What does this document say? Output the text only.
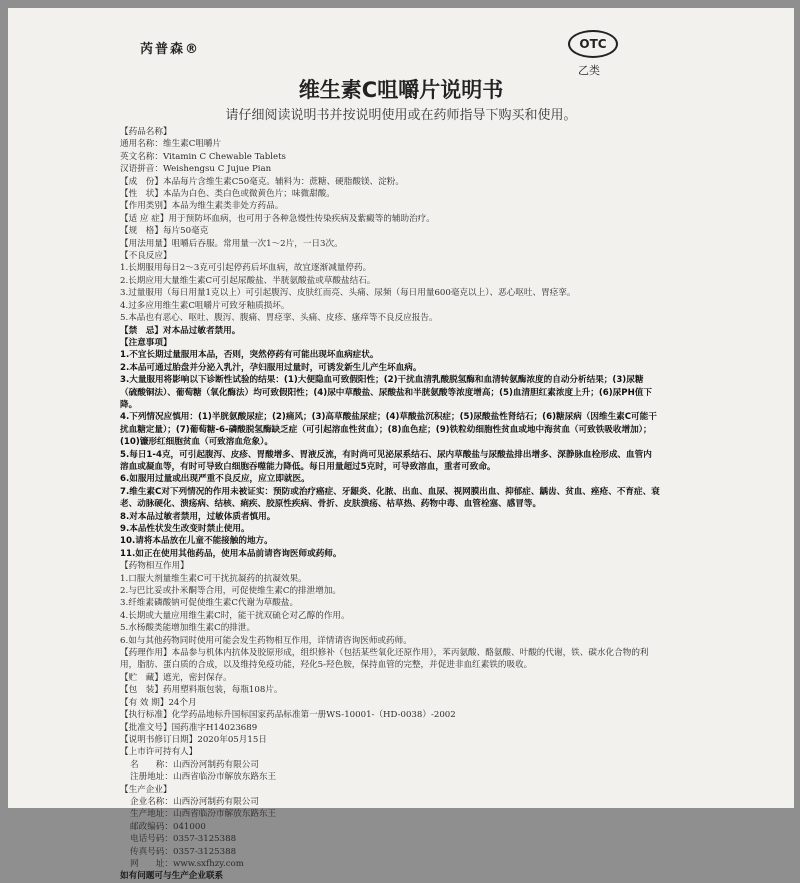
芮普森®	OTC
乙类
维生素C咀嚼片说明书
请仔细阅读说明书并按说明使用或在药师指导下购买和使用。
【药品名称】
通用名称：维生素C咀嚼片
英文名称：Vitamin C Chewable Tablets
汉语拼音：Weishengsu C Jujue Pian
【成　份】本品每片含维生素C50毫克。辅料为：蔗糖、硬脂酸镁、淀粉。
【性　状】本品为白色、类白色或微黄色片；味微甜酸。
【作用类别】本品为维生素类非处方药品。
【适 应 症】用于预防坏血病，也可用于各种急慢性传染疾病及紫癜等的辅助治疗。
【规　格】每片50毫克
【用法用量】咀嚼后吞服。常用量一次1～2片，一日3次。
【不良反应】
1.长期服用每日2～3克可引起停药后坏血病，故宜逐渐减量停药。
2.长期应用大量维生素C可引起尿酸盐、半胱氨酸盐或草酸盐结石。
3.过量服用（每日用量1克以上）可引起腹泻、皮肤红而亮、头痛、尿频（每日用量600毫克以上）、恶心呕吐、胃痉挛。
4.过多应用维生素C咀嚼片可致牙釉质损坏。
5.本品也有恶心、呕吐、腹泻、腹痛、胃痉挛、头痛、皮疹、瘙痒等不良反应报告。
【禁　忌】对本品过敏者禁用。
【注意事项】
1.不宜长期过量服用本品，否则，突然停药有可能出现坏血病症状。
2.本品可通过胎盘并分泌入乳汁，孕妇服用过量时，可诱发新生儿产生坏血病。
3.大量服用将影响以下诊断性试验的结果：(1)大便隐血可致假阳性；(2)干扰血清乳酸脱氢酶和血清转氨酶浓度的自动分析结果；(3)尿糖（硫酸铜法）、葡萄糖（氧化酶法）均可致假阳性；(4)尿中草酸盐、尿酸盐和半胱氨酸等浓度增高；(5)血清胆红素浓度上升；(6)尿PH值下降。
4.下列情况应慎用：(1)半胱氨酸尿症；(2)痛风；(3)高草酸盐尿症；(4)草酸盐沉积症；(5)尿酸盐性肾结石；(6)糖尿病（因维生素C可能干扰血糖定量）；(7)葡萄糖-6-磷酸脱氢酶缺乏症（可引起溶血性贫血）；(8)血色症；(9)铁粒幼细胞性贫血或地中海贫血（可致铁吸收增加）；(10)镰形红细胞贫血（可致溶血危象）。
5.每日1-4克，可引起腹泻、皮疹、胃酸增多、胃液反流，有时尚可见泌尿系结石、尿内草酸盐与尿酸盐排出增多、深静脉血栓形成、血管内溶血或凝血等，有时可导致白细胞吞噬能力降低。每日用量超过5克时，可导致溶血，重者可致命。
6.如服用过量或出现严重不良反应，应立即就医。
7.维生素C对下列情况的作用未被证实：预防或治疗癌症、牙龈炎、化脓、出血、血尿、视网膜出血、抑郁症、龋齿、贫血、痤疮、不育症、衰老、动脉硬化、溃疡病、结核、痢疾、胶原性疾病、骨折、皮肤溃疡、枯草热、药物中毒、血管栓塞、感冒等。
8.对本品过敏者禁用，过敏体质者慎用。
9.本品性状发生改变时禁止使用。
10.请将本品放在儿童不能接触的地方。
11.如正在使用其他药品，使用本品前请咨询医师或药师。
【药物相互作用】
1.口服大剂量维生素C可干扰抗凝药的抗凝效果。
2.与巴比妥或扑米酮等合用，可促使维生素C的排泄增加。
3.纤维素磷酸钠可促使维生素C代谢为草酸盐。
4.长期或大量应用维生素C时，能干扰双硫仑对乙醇的作用。
5.水杨酸类能增加维生素C的排泄。
6.如与其他药物同时使用可能会发生药物相互作用，详情请咨询医师或药师。
【药理作用】本品参与机体内抗体及胶原形成，组织修补（包括某些氧化还原作用），苯丙氨酸、酪氨酸、叶酸的代谢，铁、碳水化合物的利用，脂肪、蛋白质的合成，以及维持免疫功能，羟化5-羟色胺，保持血管的完整，并促进非血红素铁的吸收。
【贮　藏】遮光，密封保存。
【包　装】药用塑料瓶包装，每瓶108片。
【有 效 期】24个月
【执行标准】化学药品地标升国标国家药品标准第一册WS-10001-（HD-0038）-2002
【批准文号】国药准字H14023689
【说明书修订日期】2020年05月15日
【上市许可持有人】
名　　称：山西汾河制药有限公司
注册地址：山西省临汾市解放东路东王
【生产企业】
企业名称：山西汾河制药有限公司
生产地址：山西省临汾市解放东路东王
邮政编码：041000
电话号码：0357-3125388
传真号码：0357-3125388
网　　址：www.sxfhzy.com
如有问题可与生产企业联系
